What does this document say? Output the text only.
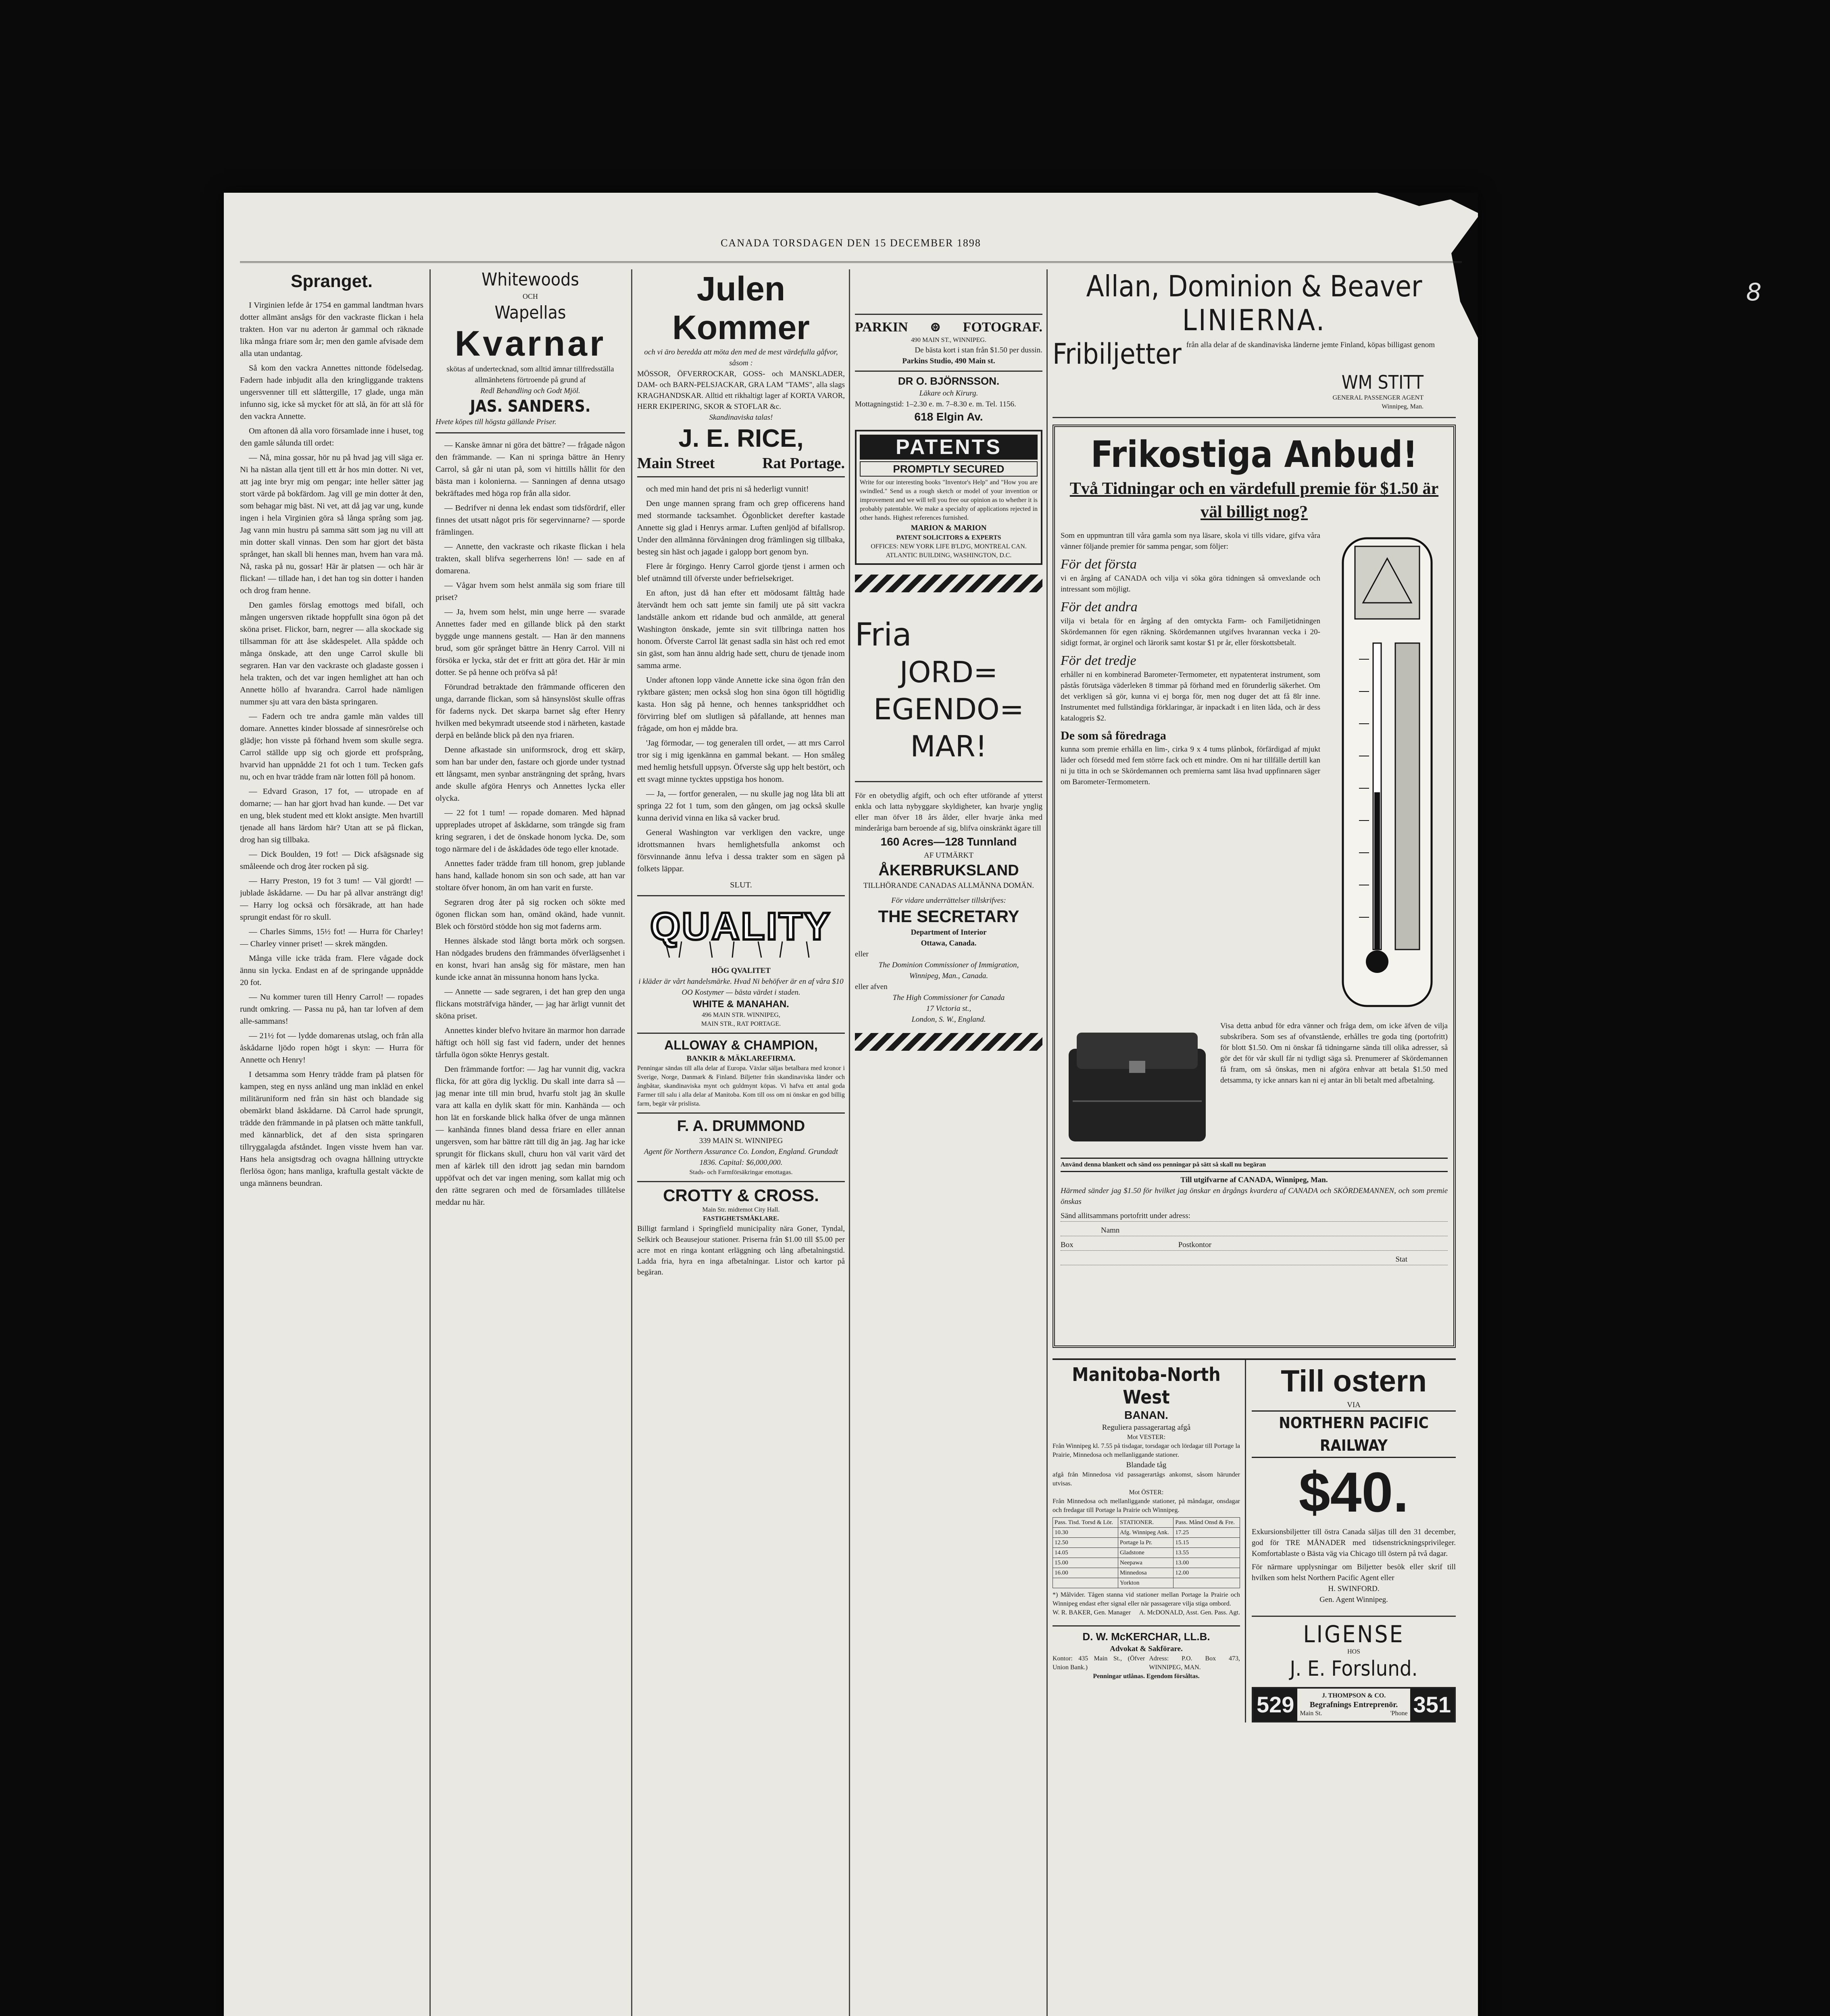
CANADA TORSDAGEN DEN 15 DECEMBER 1898
Spranget.

I Virginien lefde år 1754 en gammal landtman hvars dotter allmänt ansågs för den vackraste flickan i hela trakten. Hon var nu aderton år gammal och räknade lika många friare som år; men den gamle afvisade dem alla utan undantag.

Så kom den vackra Annettes nittonde födelsedag. Fadern hade inbjudit alla den kringliggande traktens ungersvenner till ett slåttergille, 17 glade, unga män infunno sig, icke så mycket för att slå, än för att slå för den vackra Annette.

Om aftonen då alla voro församlade inne i huset, tog den gamle sålunda till ordet:

— Nå, mina gossar, hör nu på hvad jag vill säga er. Ni ha nästan alla tjent till ett år hos min dotter. Ni vet, att jag inte bryr mig om pengar; inte heller sätter jag stort värde på bokfärdom. Jag vill ge min dotter åt den, som behagar mig bäst. Ni vet, att då jag var ung, kunde ingen i hela Virginien göra så långa språng som jag. Jag vann min hustru på samma sätt som jag nu vill att min dotter skall vinnas. Den som har gjort det bästa språnget, han skall bli hennes man, hvem han vara må. Nå, raska på nu, gossar! Här är platsen — och här är flickan! — tillade han, i det han tog sin dotter i handen och drog fram henne.

Den gamles förslag emottogs med bifall, och mången ungersven riktade hoppfullt sina ögon på det sköna priset. Flickor, barn, negrer — alla skockade sig tillsamman för att åse skådespelet. Alla spådde och många önskade, att den unge Carrol skulle bli segraren. Han var den vackraste och gladaste gossen i hela trakten, och det var ingen hemlighet att han och Annette höllo af hvarandra. Carrol hade nämligen nummer sju att vara den bästa springaren.

— Fadern och tre andra gamle män valdes till domare. Annettes kinder blossade af sinnesrörelse och glädje; hon visste på förhand hvem som skulle segra. Carrol ställde upp sig och gjorde ett profsprång, hvarvid han uppnådde 21 fot och 1 tum. Tecken gafs nu, och en hvar trädde fram när lotten föll på honom.

— Edvard Grason, 17 fot, — utropade en af domarne; — han har gjort hvad han kunde. — Det var en ung, blek student med ett klokt ansigte. Men hvartill tjenade all hans lärdom här? Utan att se på flickan, drog han sig tillbaka.

— Dick Boulden, 19 fot! — Dick afsägsnade sig småleende och drog åter rocken på sig.

— Harry Preston, 19 fot 3 tum! — Väl gjordt! — jublade åskådarne. — Du har på allvar ansträngt dig! — Harry log ocksä och försäkrade, att han hade sprungit endast för ro skull.

— Charles Simms, 15½ fot! — Hurra för Charley! — Charley vinner priset! — skrek mängden.

Många ville icke träda fram. Flere vågade dock ännu sin lycka. Endast en af de springande uppnådde 20 fot.

— Nu kommer turen till Henry Carrol! — ropades rundt omkring. — Passa nu på, han tar lofven af dem alle-sammans!

— 21½ fot — lydde domarenas utslag, och från alla åskådarne ljödo ropen högt i skyn: — Hurra för Annette och Henry!

I detsamma som Henry trädde fram på platsen för kampen, steg en nyss anländ ung man inkläd en enkel militäruniform ned från sin häst och blandade sig obemärkt bland åskådarne. Då Carrol hade sprungit, trädde den främmande in på platsen och mätte tankfull, med kännarblick, det af den sista springaren tillryggalagda afståndet. Ingen visste hvem han var. Hans hela ansigtsdrag och ovagna hållning uttryckte flerlösa ögon; hans manliga, kraftulla gestalt väckte de unga männens beundran.

Whitewoods
OCH
Wapellas
Kvarnar
skötas af undertecknad, som alltid ämnar tillfredsställa allmänhetens förtroende på grund af
Redl Behandling och Godt Mjöl.
JAS. SANDERS.
Hvete köpes till högsta gällande Priser.

— Kanske ämnar ni göra det bättre? — frågade någon den främmande. — Kan ni springa bättre än Henry Carrol, så går ni utan på, som vi hittills hållit för den bästa man i kolonierna. — Sanningen af denna utsago bekräftades med höga rop från alla sidor.

— Bedrifver ni denna lek endast som tidsfördrif, eller finnes det utsatt något pris för segervinnarne? — sporde främlingen.

— Annette, den vackraste och rikaste flickan i hela trakten, skall blifva segerherrens lön! — sade en af domarena.

— Vågar hvem som helst anmäla sig som friare till priset?

— Ja, hvem som helst, min unge herre — svarade Annettes fader med en gillande blick på den starkt byggde unge mannens gestalt. — Han är den mannens brud, som gör språnget bättre än Henry Carrol. Vill ni försöka er lycka, står det er fritt att göra det. Här är min dotter. Se på henne och pröfva så på!

Förundrad betraktade den främmande officeren den unga, darrande flickan, som så hänsynslöst skulle offras för faderns nyck. Det skarpa barnet såg efter Henry hvilken med bekymradt utseende stod i närheten, kastade derpå en belånde blick på den nya friaren.

Denne afkastade sin uniformsrock, drog ett skärp, som han bar under den, fastare och gjorde under tystnad ett långsamt, men synbar ansträngning det språng, hvars ande skulle afgöra Henrys och Annettes lycka eller olycka.

— 22 fot 1 tum! — ropade domaren. Med häpnad uppreplades utropet af åskådarne, som trängde sig fram kring segraren, i det de önskade honom lycka. De, som togo närmare del i de åskådades öde tego eller knotade.

Annettes fader trädde fram till honom, grep jublande hans hand, kallade honom sin son och sade, att han var stoltare öfver honom, än om han varit en furste.

Segraren drog åter på sig rocken och sökte med ögonen flickan som han, omänd okänd, hade vunnit. Blek och förstörd stödde hon sig mot faderns arm.

Hennes älskade stod långt borta mörk och sorgsen. Han nödgades brudens den främmandes öfverlägsenhet i en konst, hvari han ansåg sig för mästare, men han kunde icke annat än missunna honom hans lycka.

— Annette — sade segraren, i det han grep den unga flickans motsträfviga händer, — jag har ärligt vunnit det sköna priset.

Annettes kinder blefvo hvitare än marmor hon darrade häftigt och höll sig fast vid fadern, under det hennes tårfulla ögon sökte Henrys gestalt.

Den främmande fortfor: — Jag har vunnit dig, vackra flicka, för att göra dig lycklig. Du skall inte darra så — jag menar inte till min brud, hvarfu stolt jag än skulle vara att kalla en dylik skatt för min. Kanhända — och hon lät en forskande blick halka öfver de unga männen — kanhända finnes bland dessa friare en eller annan ungersven, som har bättre rätt till dig än jag. Jag har icke sprungit för flickans skull, churu hon väl varit värd det men af kärlek till den idrott jag sedan min barndom uppöfvat och det var ingen mening, som kallat mig och den rätte segraren och med de församlades tillåtelse meddar nu här.

Julen Kommer
och vi äro beredda att möta den med de mest värdefulla gåfvor, såsom :
MÖSSOR, ÖFVERROCKAR, GOSS- och MANSKLADER, DAM- och BARN-PELSJACKAR, GRA LAM "TAMS", alla slags KRAGHANDSKAR. Alltid ett rikhaltigt lager af KORTA VAROR, HERR EKIPERING, SKOR & STOFLAR &c.
Skandinaviska talas!
J. E. RICE,
Main Street	Rat Portage.

och med min hand det pris ni så hederligt vunnit!

Den unge mannen sprang fram och grep officerens hand med stormande tacksamhet. Ögonblicket derefter kastade Annette sig glad i Henrys armar. Luften genljöd af bifallsrop. Under den allmänna förvåningen drog främlingen sig tillbaka, besteg sin häst och jagade i galopp bort genom byn.

Flere år förgingo. Henry Carrol gjorde tjenst i armen och blef utnämnd till öfverste under befrielsekriget.

En afton, just då han efter ett mödosamt fälttåg hade återvändt hem och satt jemte sin familj ute på sitt vackra landställe ankom ett ridande bud och anmälde, att general Washington önskade, jemte sin svit tillbringa natten hos honom. Öfverste Carrol lät genast sadla sin häst och red emot sin gäst, som han ännu aldrig hade sett, churu de tjenade inom samma arme.

Under aftonen lopp vände Annette icke sina ögon från den ryktbare gästen; men också slog hon sina ögon till högtidlig kasta. Hon såg på henne, och hennes tankspriddhet och förvirring blef om slutligen så påfallande, att hennes man frågade, om hon ej mådde bra.

'Jag förmodar, — tog generalen till ordet, — att mrs Carrol tror sig i mig igenkänna en gammal bekant. — Hon småleg med hemlig hetsfull uppsyn. Öfverste såg upp helt bestört, och ett svagt minne tycktes uppstiga hos honom.

— Ja, — fortfor generalen, — nu skulle jag nog låta bli att springa 22 fot 1 tum, som den gången, om jag också skulle kunna derivid vinna en lika så vacker brud.

General Washington var verkligen den vackre, unge idrottsmannen hvars hemlighetsfulla ankomst och försvinnande ännu lefva i dessa trakter som en sägen på folkets läppar.

SLUT.
QUALITY
HÖG QVALITET
i kläder är vårt handelsmärke. Hvad Ni behöfver är en af våra $10 OO Kostymer — bästa värdet i staden.
WHITE & MANAHAN.
496 MAIN STR. WINNIPEG,
MAIN STR., RAT PORTAGE.
ALLOWAY & CHAMPION,
BANKIR & MÄKLAREFIRMA.
Penningar sändas till alla delar af Europa. Växlar säljas betalbara med kronor i Sverige, Norge, Danmark & Finland. Biljetter från skandinaviska länder och ångbåtar, skandinaviska mynt och guldmynt köpas. Vi hafva ett antal goda Farmer till salu i alla delar af Manitoba. Kom till oss om ni önskar en god billig farm, begär vår prislista.
F. A. DRUMMOND
339 MAIN St. WINNIPEG
Agent för Northern Assurance Co. London, England. Grundadt 1836. Capital: $6,000,000.
Stads- och Farmförsäkringar emottagas.
CROTTY & CROSS.
Main Str. midtemot City Hall.
FASTIGHETSMÄKLARE.
Billigt farmland i Springfield municipality nära Goner, Tyndal, Selkirk och Beausejour stationer. Priserna från $1.00 till $5.00 per acre mot en ringa kontant erläggning och lång afbetalningstid. Ladda fria, hyra en inga afbetalningar. Listor och kartor på begäran.
PARKIN ⊛ FOTOGRAF.
490 MAIN ST., WINNIPEG.
De bästa kort i stan från $1.50 per dussin.
Parkins Studio, 490 Main st.
DR O. BJÖRNSSON.
Läkare och Kirurg.
Mottagningstid: 1–2.30 e. m. 7–8.30 e. m. Tel. 1156.
618 Elgin Av.
PATENTS
PROMPTLY SECURED
Write for our interesting books "Inventor's Help" and "How you are swindled." Send us a rough sketch or model of your invention or improvement and we will tell you free our opinion as to whether it is probably patentable. We make a specialty of applications rejected in other hands. Highest references furnished.
MARION & MARION
PATENT SOLICITORS & EXPERTS
OFFICES: NEW YORK LIFE B'LD'G, MONTREAL CAN. ATLANTIC BUILDING, WASHINGTON, D.C.
Fria
JORD=
EGENDO=
MAR!
För en obetydlig afgift, och och efter utförande af ytterst enkla och latta nybyggare skyldigheter, kan hvarje ynglig eller man öfver 18 års ålder, eller hvarje änka med minderåriga barn beroende af sig, blifva oinskränkt ägare till
160 Acres—128 Tunnland
AF UTMÄRKT
ÅKERBRUKSLAND
TILLHÖRANDE CANADAS ALLMÄNNA DOMÄN.
För vidare underrättelser tillskrifves:
THE SECRETARY
Department of Interior
Ottawa, Canada.
eller
The Dominion Commissioner of Immigration,
Winnipeg, Man., Canada.
eller afven
The High Commissioner for Canada
17 Victoria st.,
London, S. W., England.
Allan, Dominion & Beaver
LINIERNA.
Fribiljetter från alla delar af de skandinaviska länderne jemte Finland, köpas billigast genom
WM STITT
GENERAL PASSENGER AGENT
Winnipeg, Man.
Frikostiga Anbud!
Två Tidningar och en värdefull premie för $1.50 är väl billigt nog?
Som en uppmuntran till våra gamla som nya läsare, skola vi tills vidare, gifva våra vänner följande premier för samma pengar, som följer:
För det första
vi en årgång af CANADA och vilja vi söka göra tidningen så omvexlande och intressant som möjligt.
För det andra
vilja vi betala för en årgång af den omtyckta Farm- och Familjetidningen Skördemannen för egen räkning. Skördemannen utgifves hvarannan vecka i 20-sidigt format, är orginel och lärorik samt kostar $1 pr år, eller förskottsbetalt.
För det tredje
erhåller ni en kombinerad Barometer-Termometer, ett nypatenterat instrument, som påstås förutsäga väderleken 8 timmar på förhand med en förunderlig säkerhet. Om det verkligen så gör, kunna vi ej borga för, men nog duger det att få 8lr inne. Instrumentet med fullständiga förklaringar, är inpackadt i en liten låda, och är dess katalogpris $2.
De som så föredraga
kunna som premie erhålla en lim-, cirka 9 x 4 tums plånbok, förfärdigad af mjukt läder och försedd med fem större fack och ett mindre. Om ni har tillfälle dertill kan ni ju titta in och se Skördemannen och premierna samt läsa hvad uppfinnaren säger om Barometer-Termometern.
Visa detta anbud för edra vänner och fråga dem, om icke äfven de vilja subskribera. Som ses af ofvanstående, erhålles tre goda ting (portofritt) för blott $1.50. Om ni önskar få tidningarne sända till olika adresser, så gör det för vår skull får ni tydligt säga så. Prenumerer af Skördemannen få fram, om så önskas, men ni afgöra enhvar att betala $1.50 med detsamma, ty icke annars kan ni ej antar än bli betalt med afbetalning.
Använd denna blankett och sänd oss penningar på sätt så skall nu begäran
Till utgifvarne af CANADA, Winnipeg, Man.
Härmed sänder jag $1.50 för hvilket jag önskar en årgångs kvardera af CANADA och SKÖRDEMANNEN, och som premie önskas
Sänd allitsammans portofritt under adress:
Namn
Box	Postkontor
Stat
Manitoba-North West
BANAN.
Reguliera passagerartag afgå
Mot VESTER:
Från Winnipeg kl. 7.55 på tisdagar, torsdagar och lördagar till Portage la Prairie, Minnedosa och mellanliggande stationer.
Blandade tåg
afgå från Minnedosa vid passagerartågs ankomst, såsom härunder utvisas.
Mot ÖSTER:
Från Minnedosa och mellanliggande stationer, på måndagar, onsdagar och fredagar till Portage la Prairie och Winnipeg.
Pass. Tisd. Torsd & Lör.	STATIONER.	Pass. Månd Onsd & Fre.
10.30	Afg. Winnipeg Ank.	17.25
12.50	Portage la Pr.	15.15
14.05	Gladstone	13.55
15.00	Neepawa	13.00
16.00	Minnedosa	12.00
	Yorkton	
*) Målvider. Tågen stanna vid stationer mellan Portage la Prairie och Winnipeg endast efter signal eller när passagerare vilja stiga ombord.
W. R. BAKER, Gen. Manager A. McDONALD, Asst. Gen. Pass. Agt.
D. W. McKERCHAR, LL.B.
Advokat & Sakförare.
Kontor: 435 Main St., (Öfver Union Bank.)
Adress: P.O. Box 473, WINNIPEG, MAN.
Penningar utlånas. Egendom försåltas.
Till ostern
VIA
NORTHERN PACIFIC RAILWAY
$40.
Exkursionsbiljetter till östra Canada säljas till den 31 december, god för TRE MÅNADER med tidsenstrickningsprivileger. Komfortablaste o Bästa väg via Chicago till östern på två dagar.
För närmare upplysningar om Biljetter besök eller skrif till hvilken som helst Northern Pacific Agent eller
H. SWINFORD.
Gen. Agent Winnipeg.
LIGENSE
HOS
J. E. Forslund.
529	J. THOMPSON & CO.
Begrafnings Entreprenör.
Main St.	'Phone 351
8
